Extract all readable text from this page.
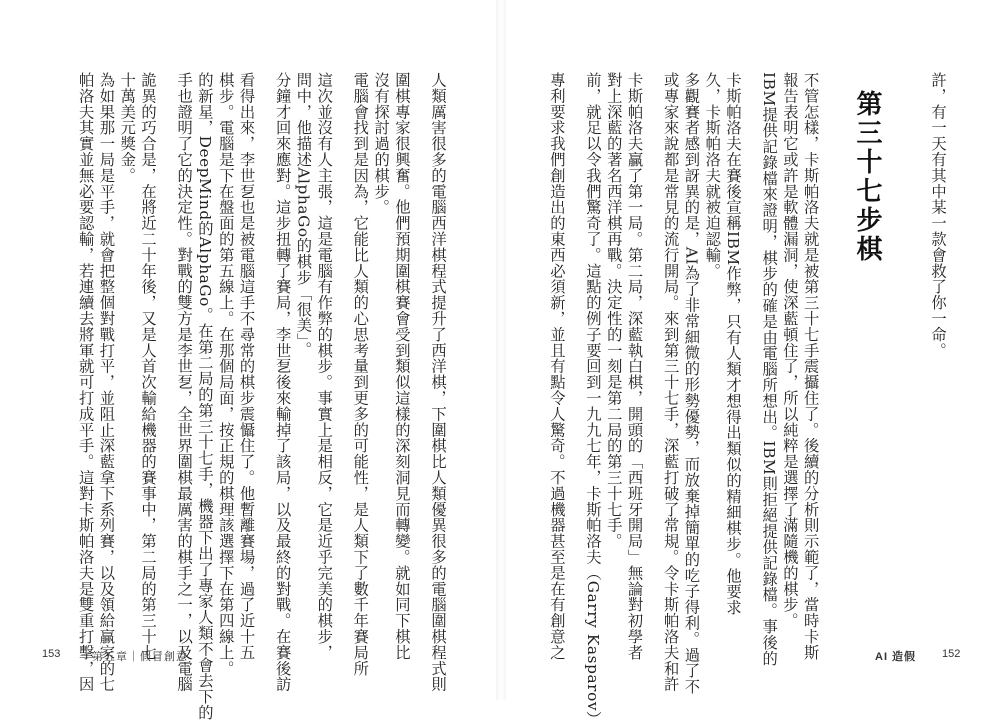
人類厲害很多的電腦西洋棋程式提升了西洋棋，下圍棋比人類優異很多的電腦圍棋程式則
圍棋專家很興奮。他們預期圍棋賽會受到類似這樣的深刻洞見而轉變。就如同下棋比
沒有探討過的棋步。
電腦會找到是因為，它能比人類的心思考量到更多的可能性，是人類下了數千年賽局所
這次並沒有人主張，這是電腦有作弊的棋步。事實上是相反，它是近乎完美的棋步，
問中，他描述AlphaGo的棋步「很美」。
分鐘才回來應對。這步扭轉了賽局，李世乭後來輸掉了該局，以及最終的對戰。在賽後訪
看得出來，李世乭也是被電腦這手不尋常的棋步震懾住了。他暫離賽場，過了近十五
棋步。電腦是下在盤面的第五線上。在那個局面，按正規的棋理該選擇下在第四線上。
的新星，DeepMind的AlphaGo。在第二局的第三十七手，機器下出了專家人類不會去下的
手也證明了它的決定性。對戰的雙方是李世乭，全世界圍棋最厲害的棋手之一，以及電腦
詭異的巧合是，在將近二十年後，又是人首次輸給機器的賽事中，第二局的第三十七
十萬美元獎金。
為如果那一局是平手，就會把整個對戰打平，並阻止深藍拿下系列賽，以及領給贏家的七
帕洛夫其實並無必要認輸，若連續去將軍就可打成平手。這對卡斯帕洛夫是雙重打擊，因
153	第五章｜假冒創意	不管怎樣，卡斯帕洛夫就是被第三十七手震攝住了。後續的分析則示範了，當時卡斯
報告表明它或許是軟體漏洞，使深藍頓住了，所以純粹是選擇了滿隨機的棋步。
IBM提供記錄檔來證明，棋步的確是由電腦所想出。IBM則拒絕提供記錄檔。事後的
卡斯帕洛夫在賽後宣稱IBM作弊，只有人類才想得出類似的精細棋步。他要求
久，卡斯帕洛夫就被迫認輸。
多觀賽者感到訝異的是，AI為了非常細微的形勢優勢，而放棄掉簡單的吃子得利。過了不
或專家來說都是常見的流行開局。來到第三十七手，深藍打破了常規。令卡斯帕洛夫和許
卡斯帕洛夫贏了第一局。第二局，深藍執白棋，開頭的「西班牙開局」無論對初學者
對上深藍的著名西洋棋再戰。決定性的一刻是第二局的第三十七手。
前，就足以令我們驚奇了。這點的例子要回到一九九七年，卡斯帕洛夫（Garry Kasparov）
專利要求我們創造出的東西必須新，並且有點令人驚奇。不過機器甚至是在有創意之	第三十七步棋	許，有一天有其中某一款會救了你一命。
AI 造假 152
